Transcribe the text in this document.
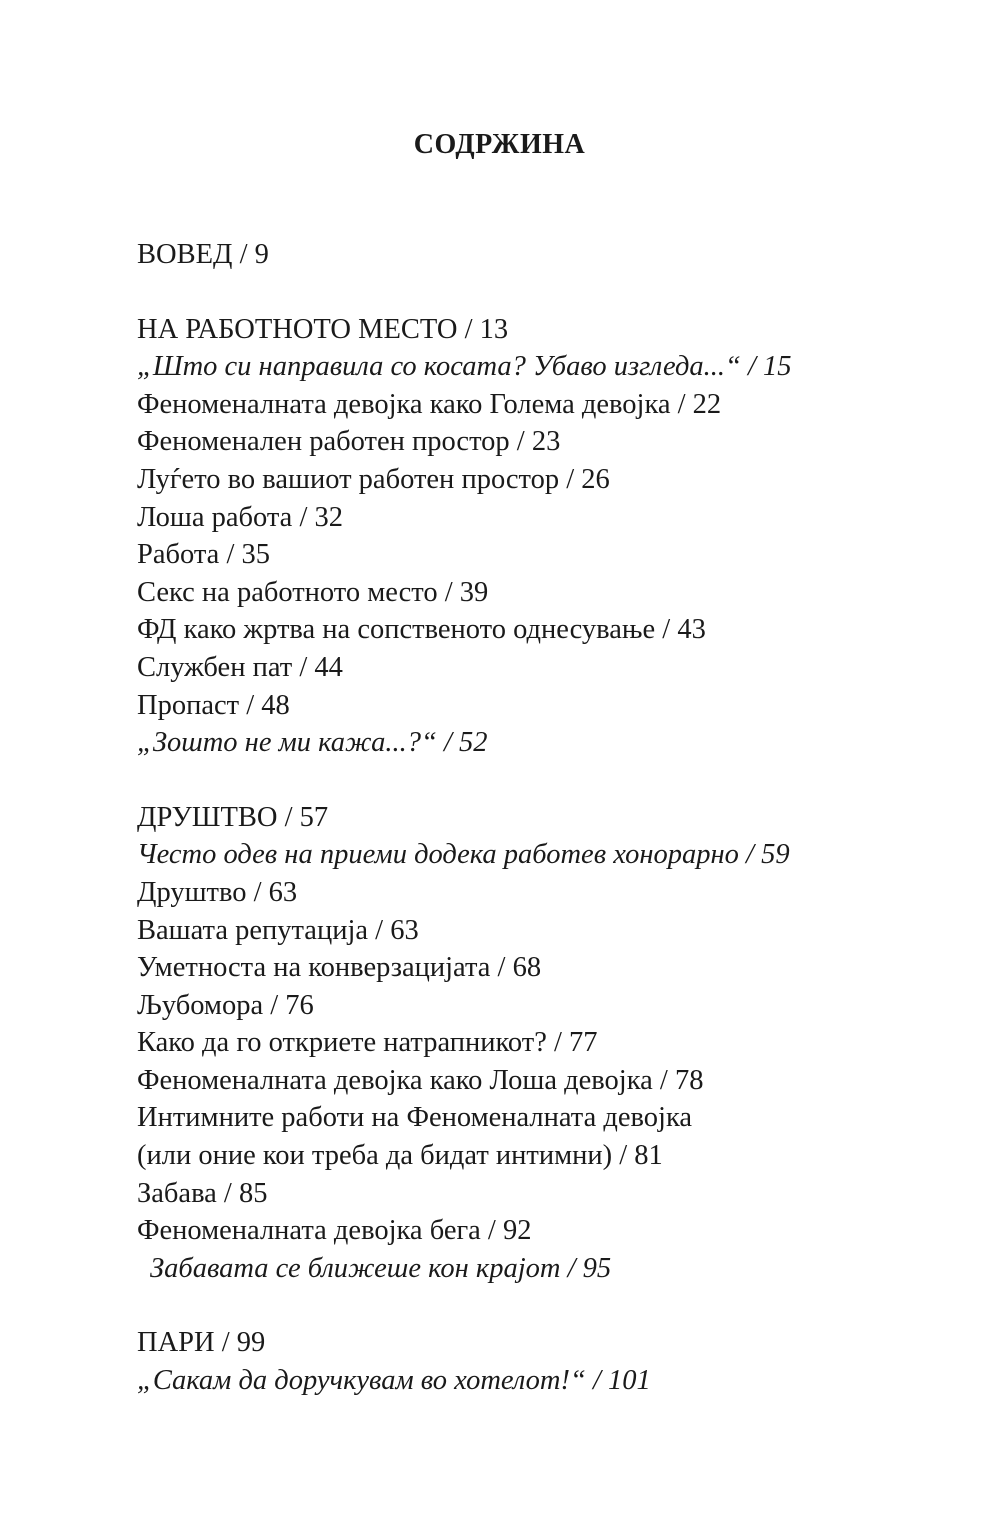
СОДРЖИНА
ВОВЕД / 9
НА РАБОТНОТО МЕСТО / 13
„Што си направила со косата? Убаво изгледа...“ / 15
Феноменалната девојка како Голема девојка / 22
Феноменален работен простор / 23
Луѓето во вашиот работен простор / 26
Лоша работа / 32
Работа / 35
Секс на работното место / 39
ФД како жртва на сопственото однесување / 43
Службен пат / 44
Пропаст / 48
„Зошто не ми кажа...?“ / 52
ДРУШТВО / 57
Често одев на приеми додека работев хонорарно / 59
Друштво / 63
Вашата репутација / 63
Уметноста на конверзацијата / 68
Љубомора / 76
Како да го откриете натрапникот? / 77
Феноменалната девојка како Лоша девојка / 78
Интимните работи на Феноменалната девојка
(или оние кои треба да бидат интимни) / 81
Забава / 85
Феноменалната девојка бега / 92
Забавата се ближеше кон крајот / 95
ПАРИ / 99
„Сакам да доручкувам во хотелот!“ / 101
